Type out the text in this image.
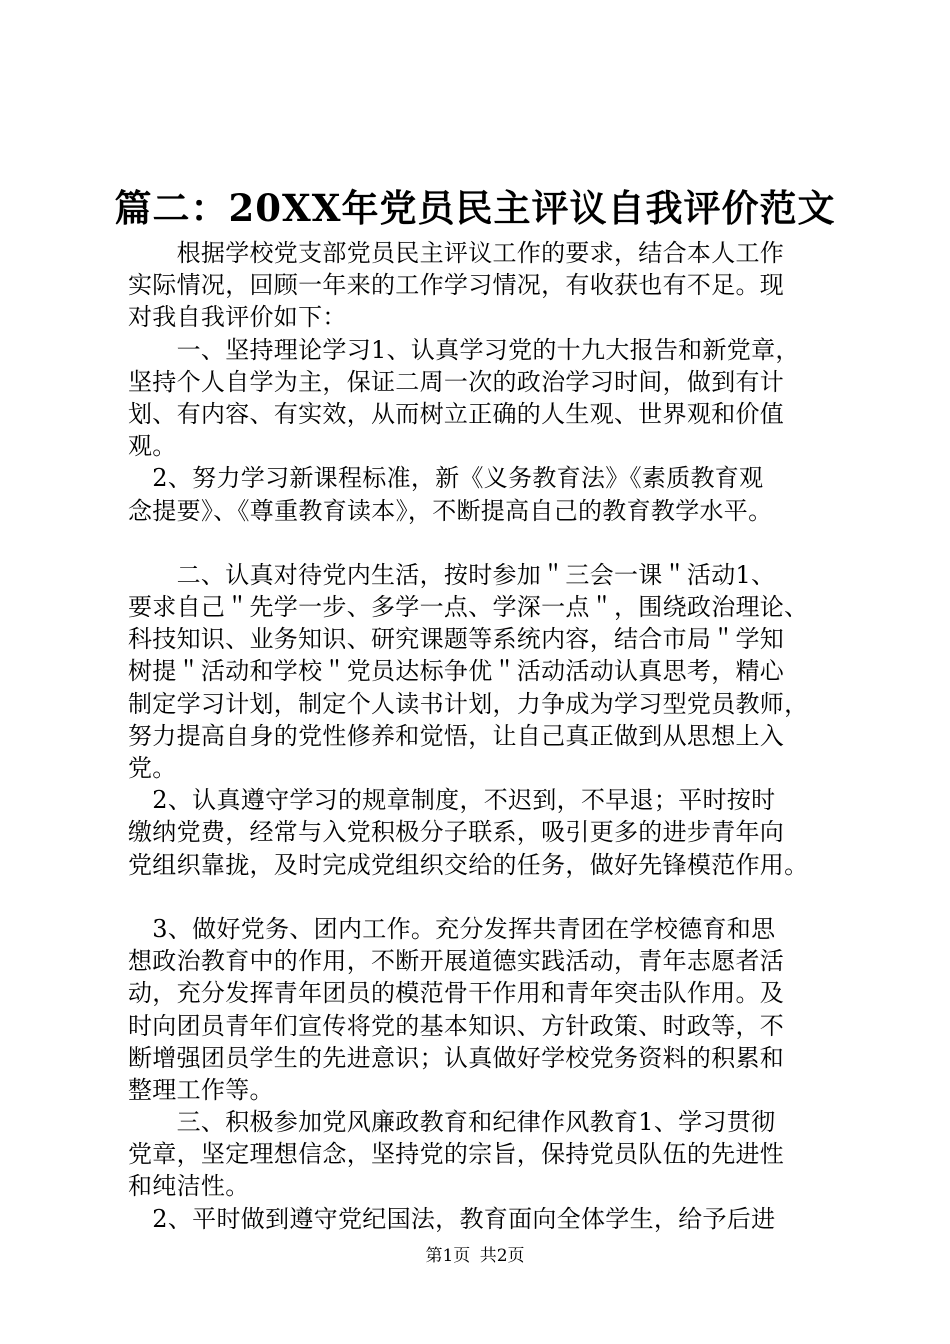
篇二：20XX年党员民主评议自我评价范文
　　根据学校党支部党员民主评议工作的要求，结合本人工作
实际情况，回顾一年来的工作学习情况，有收获也有不足。现
对我自我评价如下：
　　一、坚持理论学习1、认真学习党的十九大报告和新党章，
坚持个人自学为主，保证二周一次的政治学习时间，做到有计
划、有内容、有实效，从而树立正确的人生观、世界观和价值
观。
　2、努力学习新课程标准，新《义务教育法》《素质教育观
念提要》、《尊重教育读本》，不断提高自己的教育教学水平。
　　二、认真对待党内生活，按时参加＂三会一课＂活动1、
要求自己＂先学一步、多学一点、学深一点＂，围绕政治理论、
科技知识、业务知识、研究课题等系统内容，结合市局＂学知
树提＂活动和学校＂党员达标争优＂活动活动认真思考，精心
制定学习计划，制定个人读书计划，力争成为学习型党员教师，
努力提高自身的党性修养和觉悟，让自己真正做到从思想上入
党。
　2、认真遵守学习的规章制度，不迟到，不早退；平时按时
缴纳党费，经常与入党积极分子联系，吸引更多的进步青年向
党组织靠拢，及时完成党组织交给的任务，做好先锋模范作用。
　3、做好党务、团内工作。充分发挥共青团在学校德育和思
想政治教育中的作用，不断开展道德实践活动，青年志愿者活
动，充分发挥青年团员的模范骨干作用和青年突击队作用。及
时向团员青年们宣传将党的基本知识、方针政策、时政等，不
断增强团员学生的先进意识；认真做好学校党务资料的积累和
整理工作等。
　　三、积极参加党风廉政教育和纪律作风教育1、学习贯彻
党章，坚定理想信念，坚持党的宗旨，保持党员队伍的先进性
和纯洁性。
　2、平时做到遵守党纪国法，教育面向全体学生，给予后进
第1页 共2页
